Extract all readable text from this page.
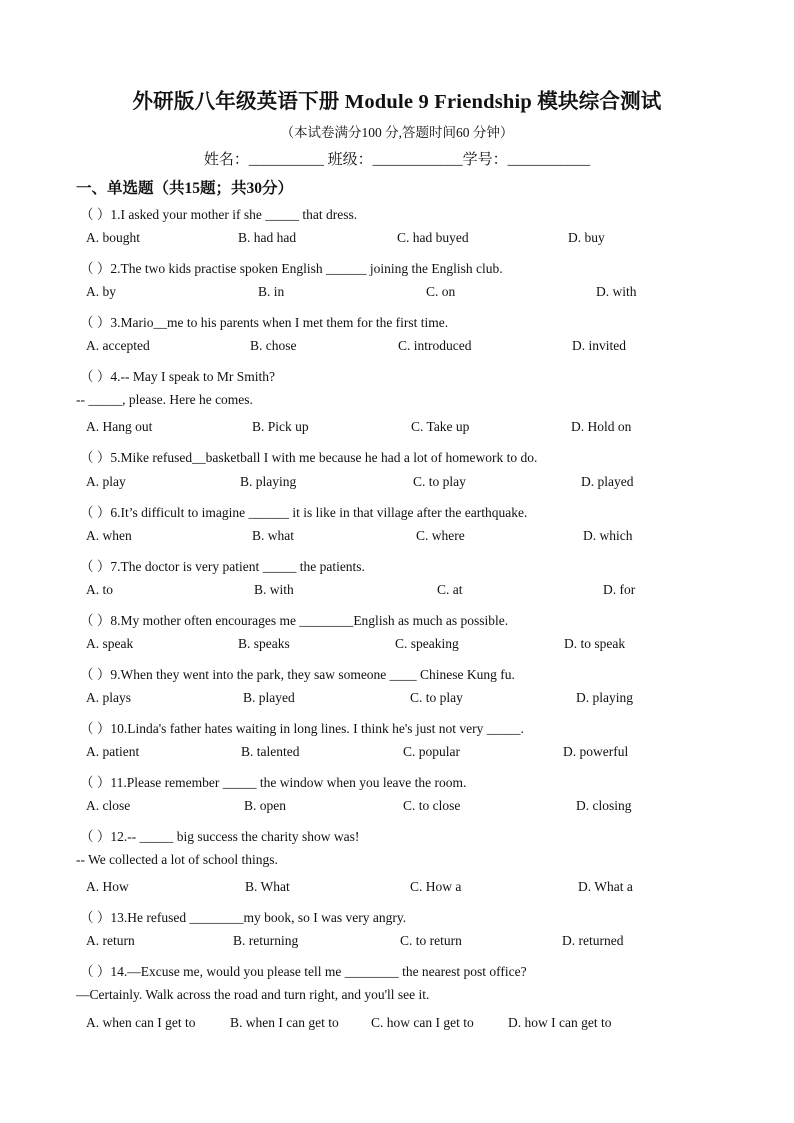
外研版八年级英语下册 Module 9 Friendship 模块综合测试
（本试卷满分100 分,答题时间60 分钟）
姓名：__________ 班级：____________学号：___________
一、单选题（共15题；共30分）
（ ）1.I asked your mother if she _____ that dress.
A. bought	B. had had	C. had buyed	D. buy
（ ）2.The two kids practise spoken English ______ joining the English club.
A. by	B. in	C. on	D. with
（ ）3.Mario__me to his parents when I met them for the first time.
A. accepted	B. chose	C. introduced	D. invited
（ ）4.-- May I speak to Mr Smith?
-- _____, please. Here he comes.
A. Hang out	B. Pick up	C. Take up	D. Hold on
（ ）5.Mike refused__basketball I with me because he had a lot of homework to do.
A. play	B. playing	C. to play	D. played
（ ）6.It’s difficult to imagine ______ it is like in that village after the earthquake.
A. when	B. what	C. where	D. which
（ ）7.The doctor is very patient _____ the patients.
A. to	B. with	C. at	D. for
（ ）8.My mother often encourages me ________English as much as possible.
A. speak	B. speaks	C. speaking	D. to speak
（ ）9.When they went into the park, they saw someone ____ Chinese Kung fu.
A. plays	B. played	C. to play	D. playing
（ ）10.Linda's father hates waiting in long lines. I think he's just not very _____.
A. patient	B. talented	C. popular	D. powerful
（ ）11.Please remember _____ the window when you leave the room.
A. close	B. open	C. to close	D. closing
（ ）12.-- _____ big success the charity show was!
-- We collected a lot of school things.
A. How	B. What	C. How a	D. What a
（ ）13.He refused ________my book, so I was very angry.
A. return	B. returning	C. to return	D. returned
（ ）14.—Excuse me, would you please tell me ________ the nearest post office?
—Certainly. Walk across the road and turn right, and you'll see it.
A. when can I get to	B. when I can get to C. how can I get to	D. how I can get to
